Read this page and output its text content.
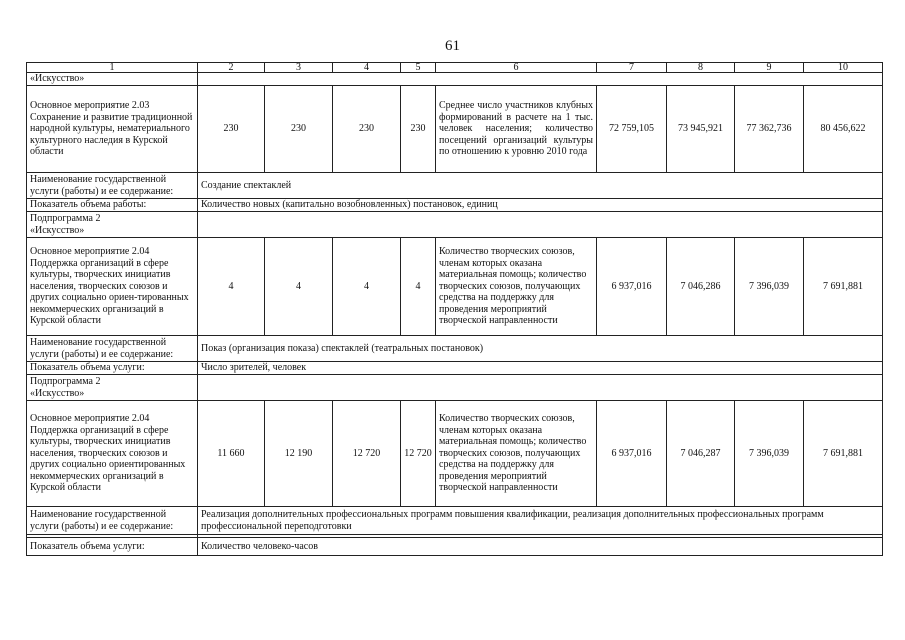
61
1	2	3	4	5	6	7	8	9	10
«Искусство»									
Основное мероприятие 2.03 Сохранение и развитие традиционной народной культуры, нематериального культурного наследия в Курской области	230	230	230	230	Среднее число участников клубных формирований в расчете на 1 тыс. человек населения; количество посещений организаций культуры по отношению к уровню 2010 года	72 759,105	73 945,921	77 362,736	80 456,622
Наименование государственной услуги (работы) и ее содержание:	Создание спектаклей								
Показатель объема работы:	Количество новых (капитально возобновленных) постановок, единиц								

Подпрограмма 2
«Искусство»									

Основное мероприятие 2.04 Поддержка организаций в сфере культуры, творческих инициатив населения, творческих союзов и других социально ориен-тированных некоммерческих организаций в Курской области	4	4	4	4	Количество творческих союзов, членам которых оказана материальная помощь; количество творческих союзов, получающих средства на поддержку для проведения мероприятий творческой направленности	6 937,016	7 046,286	7 396,039	7 691,881
Наименование государственной услуги (работы) и ее содержание:	Показ (организация показа) спектаклей (театральных постановок)								
Показатель объема услуги:	Число зрителей, человек								

Подпрограмма 2
«Искусство»									

Основное мероприятие 2.04 Поддержка организаций в сфере культуры, творческих инициатив населения, творческих союзов и других социально ориентированных некоммерческих организаций в Курской области	11 660	12 190	12 720	12 720	Количество творческих союзов, членам которых оказана материальная помощь; количество творческих союзов, получающих средства на поддержку для проведения мероприятий творческой направленности	6 937,016	7 046,287	7 396,039	7 691,881
Наименование государственной услуги (работы) и ее содержание:	Реализация дополнительных профессиональных программ повышения квалификации, реализация дополнительных профессиональных программ профессиональной переподготовки								

Показатель объема услуги:	Количество человеко-часов								
